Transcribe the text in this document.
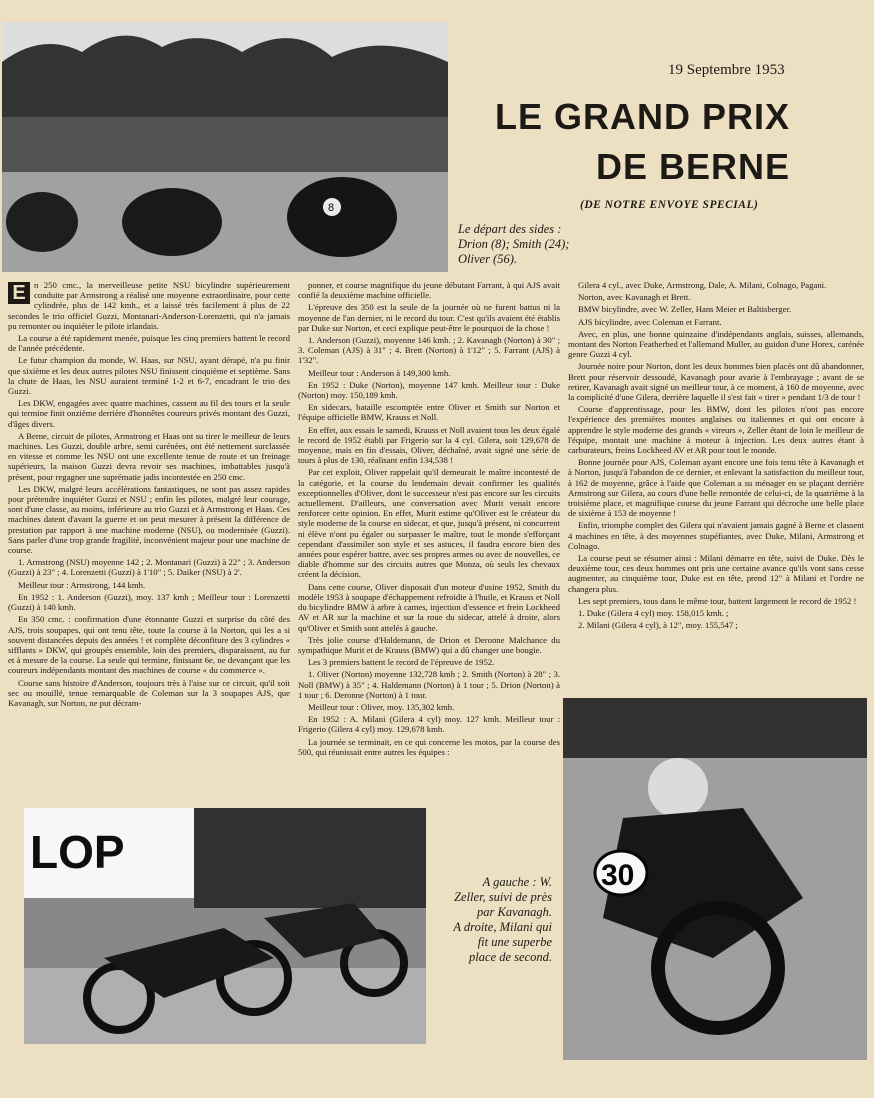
8
19 Septembre 1953
LE GRAND PRIX
DE BERNE
(DE NOTRE ENVOYE SPECIAL)
Le départ des sides : Drion (8); Smith (24); Oliver (56).

E n 250 cmc., la merveilleuse petite NSU bicylindre supérieurement conduite par Armstrong a réalisé une moyenne extraordinaire, pour cette cylindrée, plus de 142 kmh., et a laissé très facilement à plus de 22 secondes le trio officiel Guzzi, Montanari-Anderson-Lorenzetti, qui n'a jamais pu remonter ou inquiéter le pilote irlandais.

La course a été rapidement menée, puisque les cinq premiers battent le record de l'année précédente.

Le futur champion du monde, W. Haas, sur NSU, ayant dérapé, n'a pu finir que sixième et les deux autres pilotes NSU finissent cinquième et septième. Sans la chute de Haas, les NSU auraient terminé 1-2 et 6-7, encadrant le trio des Guzzi.

Les DKW, engagées avec quatre machines, cassent au fil des tours et la seule qui termine finit onzième derrière d'honnêtes coureurs privés montant des Guzzi, d'âges divers.

A Berne, circuit de pilotes, Armstrong et Haas ont su tirer le meilleur de leurs machines. Les Guzzi, double arbre, semi carénées, ont été nettement surclassée en vitesse et comme les NSU ont une excellente tenue de route et un freinage supérieurs, la maison Guzzi devra revoir ses machines, imbattables jusqu'à présent, pour regagner une suprématie jadis incontestée en 250 cmc.

Les DKW, malgré leurs accélérations fantastiques, ne sont pas assez rapides pour prétendre inquiéter Guzzi et NSU ; enfin les pilotes, malgré leur courage, sont d'une classe, au moins, inférieure au trio Guzzi et à Armstrong et Haas. Ces machines datent d'avant la guerre et on peut mesurer à présent la différence de prestation par rapport à une machine moderne (NSU), ou modernisée (Guzzi). Sans parler d'une trop grande fragilité, inconvénient majeur pour une machine de course.

1. Armstrong (NSU) moyenne 142 ; 2. Montanari (Guzzi) à 22" ; 3. Anderson (Guzzi) à 23" ; 4. Lorenzetti (Guzzi) à 1'10" ; 5. Daiker (NSU) à 2'.

Meilleur tour : Armstrong, 144 kmh.

En 1952 : 1. Anderson (Guzzi), moy. 137 kmh ; Meilleur tour : Lorenzetti (Guzzi) à 140 kmh.

En 350 cmc. : confirmation d'une étonnante Guzzi et surprise du côté des AJS, trois soupapes, qui ont tenu tête, toute la course à la Norton, qui les a si souvent distancées depuis des années ! et complète déconfiture des 3 cylindres « sifflants » DKW, qui groupés ensemble, loin des premiers, disparaissent, au fur et à mesure de la course. La seule qui termine, finissant 6e, ne devançant que les coureurs indépendants montant des machines de course « du commerce ».

Course sans histoire d'Anderson, toujours très à l'aise sur ce circuit, qu'il soit sec ou mouillé, tenue remarquable de Coleman sur la 3 soupapes AJS, que Kavanagh, sur Norton, ne put décram-

ponner, et course magnifique du jeune débutant Farrant, à qui AJS avait confié la deuxième machine officielle.

L'épreuve des 350 est la seule de la journée où ne furent battus ni la moyenne de l'an dernier, ni le record du tour. C'est qu'ils avaient été établis par Duke sur Norton, et ceci explique peut-être le pourquoi de la chose !

1. Anderson (Guzzi), moyenne 146 kmh. ; 2. Kavanagh (Norton) à 30" ; 3. Coleman (AJS) à 31" ; 4. Brett (Norton) à 1'12" ; 5. Farrant (AJS) à 1'32".

Meilleur tour : Anderson à 149,300 kmh.

En 1952 : Duke (Norton), moyenne 147 kmh. Meilleur tour : Duke (Norton) moy. 150,189 kmh.

En sidecars, bataille escomptée entre Oliver et Smith sur Norton et l'équipe officielle BMW, Krauss et Noll.

En effet, aux essais le samedi, Krauss et Noll avaient tous les deux égalé le record de 1952 établi par Frigerio sur la 4 cyl. Gilera, soit 129,678 de moyenne, mais en fin d'essais, Oliver, déchaîné, avait signé une série de tours à plus de 130, réalisant enfin 134,538 !

Par cet exploit, Oliver rappelait qu'il demeurait le maître incontesté de la catégorie, et la course du lendemain devait confirmer les qualités exceptionnelles d'Oliver, dont le successeur n'est pas encore sur les circuits actuellement. D'ailleurs, une conversation avec Murit venait encore renforcer cette opinion. En effet, Murit estime qu'Oliver est le créateur du style moderne de la course en sidecar, et que, jusqu'à présent, ni concurrent ni élève n'ont pu égaler ou surpasser le maître, tout le monde s'efforçant cependant d'assimiler son style et ses astuces, il faudra encore bien des années pour espérer battre, avec ses propres armes ou avec de nouvelles, ce diable d'homme sur des circuits autres que Monza, où seuls les chevaux créent la décision.

Dans cette course, Oliver disposait d'un moteur d'usine 1952, Smith du modèle 1953 à soupape d'échappement refroidie à l'huile, et Krauss et Noll du bicylindre BMW à arbre à cames, injection d'essence et frein Lockheed AV et AR sur la machine et sur la roue du sidecar, attelé à droite, alors qu'Oliver et Smith sont attelés à gauche.

Très jolie course d'Haldemann, de Drion et Deronne Malchance du sympathique Murit et de Krauss (BMW) qui a dû changer une bougie.

Les 3 premiers battent le record de l'épreuve de 1952.

1. Oliver (Norton) moyenne 132,728 kmh ; 2. Smith (Norton) à 28" ; 3. Noll (BMW) à 35" ; 4. Haldemann (Norton) à 1 tour ; 5. Drion (Norton) à 1 tour ; 6. Deronne (Norton) à 1 tour.

Meilleur tour : Oliver, moy. 135,302 kmh.

En 1952 : A. Milani (Gilera 4 cyl) moy. 127 kmh. Meilleur tour : Frigerio (Gilera 4 cyl) moy. 129,678 kmh.

La journée se terminait, en ce qui concerne les motos, par la course des 500, qui réunissait entre autres les équipes :

Gilera 4 cyl., avec Duke, Armstrong, Dale, A. Milani, Colnago, Pagani.

Norton, avec Kavanagh et Brett.

BMW bicylindre, avec W. Zeller, Hans Meier et Baltisberger.

AJS bicylindre, avec Coleman et Farrant.

Avec, en plus, une bonne quinzaine d'indépendants anglais, suisses, allemands, montant des Norton Featherbed et l'allemand Muller, au guidon d'une Horex, carénée genre Guzzi 4 cyl.

Journée noire pour Norton, dont les deux hommes bien placés ont dû abandonner, Brett pour réservoir dessoudé, Kavanagh pour avarie à l'embrayage ; avant de se retirer, Kavanagh avait signé un meilleur tour, à ce moment, à 160 de moyenne, avec la complicité d'une Gilera, derrière laquelle il s'est fait « tirer » pendant 1/3 de tour !

Course d'apprentissage, pour les BMW, dont les pilotes n'ont pas encore l'expérience des premières montes anglaises ou italiennes et qui ont encore à apprendre le style moderne des grands « vireurs », Zeller étant de loin le meilleur de l'équipe, montait une machine à moteur à injection. Les deux autres étant à carburateurs, freins Lockheed AV et AR pour tout le monde.

Bonne journée pour AJS, Coleman ayant encore une fois tenu tête à Kavanagh et à Norton, jusqu'à l'abandon de ce dernier, et enlevant la satisfaction du meilleur tour, à 162 de moyenne, grâce à l'aide que Coleman a su ménager en se plaçant derrière Armstrong sur Gilera, au cours d'une belle remontée de celui-ci, de la quatrième à la troisième place, et magnifique course du jeune Farrant qui décroche une belle place de sixième à 153 de moyenne !

Enfin, triomphe complet des Gilera qui n'avaient jamais gagné à Berne et classent 4 machines en tête, à des moyennes stupéfiantes, avec Duke, Milani, Armstrong et Colnago.

La course peut se résumer ainsi : Milani démarre en tête, suivi de Duke. Dès le deuxième tour, ces deux hommes ont pris une certaine avance qu'ils vont sans cesse augmenter, au cinquième tour, Duke est en tête, prend 12" à Milani et l'ordre ne changera plus.

Les sept premiers, tous dans le même tour, battent largement le record de 1952 !

1. Duke (Gilera 4 cyl) moy. 158,015 kmh. ;

2. Milani (Gilera 4 cyl), à 12", moy. 155,547 ;

LOP
A gauche : W. Zeller, suivi de près par Kavanagh.
A droite, Milani qui fit une superbe place de second.
30
